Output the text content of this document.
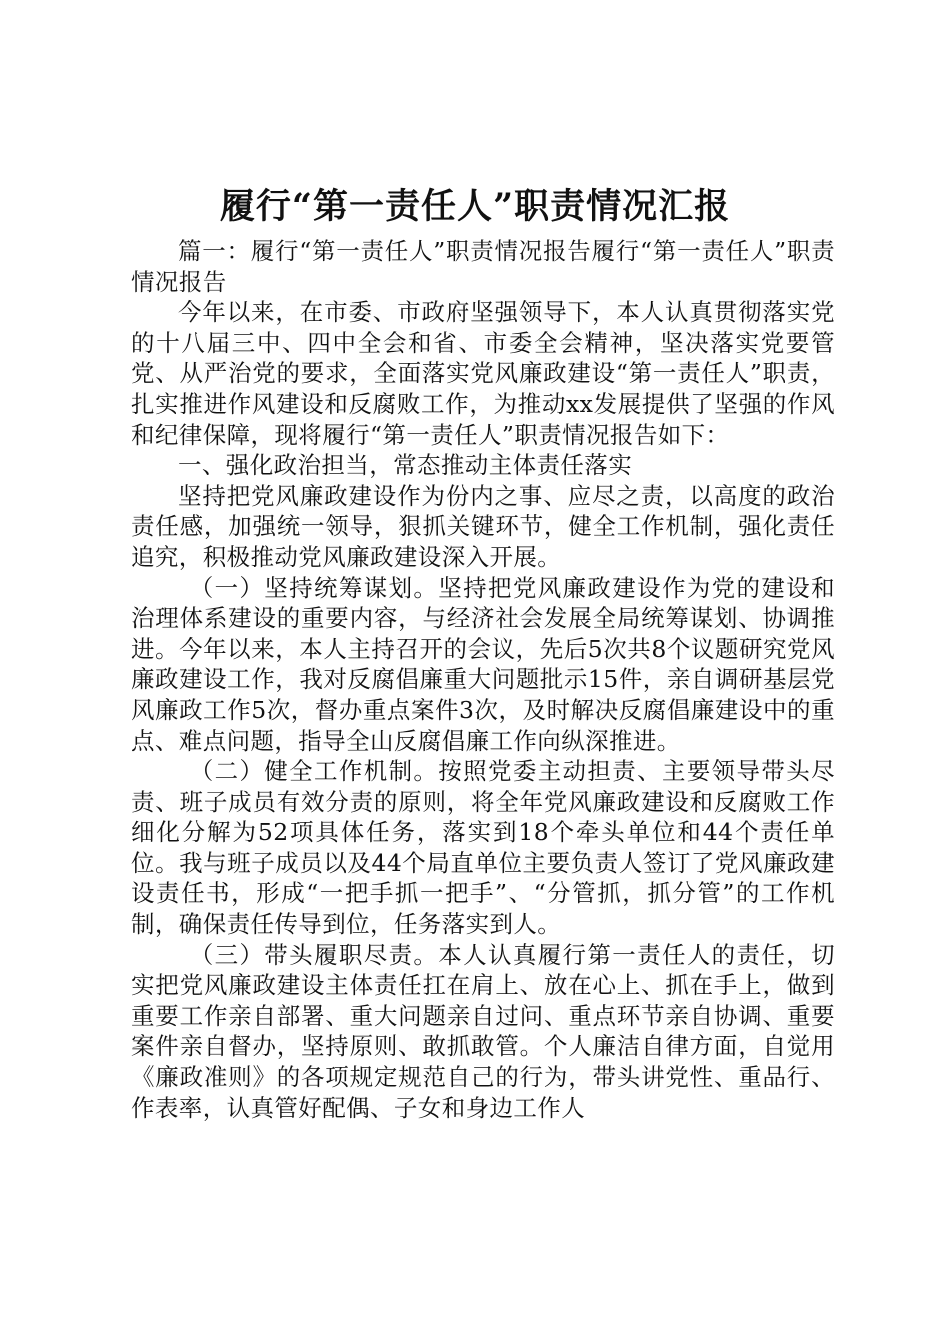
履行“第一责任人”职责情况汇报

篇一：履行“第一责任人”职责情况报告履行“第一责任人”职责情况报告

今年以来，在市委、市政府坚强领导下，本人认真贯彻落实党的十八届三中、四中全会和省、市委全会精神，坚决落实党要管党、从严治党的要求，全面落实党风廉政建设“第一责任人”职责，扎实推进作风建设和反腐败工作，为推动xx发展提供了坚强的作风和纪律保障，现将履行“第一责任人”职责情况报告如下：

一、强化政治担当，常态推动主体责任落实

坚持把党风廉政建设作为份内之事、应尽之责，以高度的政治责任感，加强统一领导，狠抓关键环节，健全工作机制，强化责任追究，积极推动党风廉政建设深入开展。

（一）坚持统筹谋划。坚持把党风廉政建设作为党的建设和治理体系建设的重要内容，与经济社会发展全局统筹谋划、协调推进。今年以来，本人主持召开的会议，先后5次共8个议题研究党风廉政建设工作，我对反腐倡廉重大问题批示15件，亲自调研基层党风廉政工作5次，督办重点案件3次，及时解决反腐倡廉建设中的重点、难点问题，指导全山反腐倡廉工作向纵深推进。

（二）健全工作机制。按照党委主动担责、主要领导带头尽责、班子成员有效分责的原则，将全年党风廉政建设和反腐败工作细化分解为52项具体任务，落实到18个牵头单位和44个责任单位。我与班子成员以及44个局直单位主要负责人签订了党风廉政建设责任书，形成“一把手抓一把手”、“分管抓，抓分管”的工作机制，确保责任传导到位，任务落实到人。

（三）带头履职尽责。本人认真履行第一责任人的责任，切实把党风廉政建设主体责任扛在肩上、放在心上、抓在手上，做到重要工作亲自部署、重大问题亲自过问、重点环节亲自协调、重要案件亲自督办，坚持原则、敢抓敢管。个人廉洁自律方面，自觉用《廉政准则》的各项规定规范自己的行为，带头讲党性、重品行、作表率，认真管好配偶、子女和身边工作人
